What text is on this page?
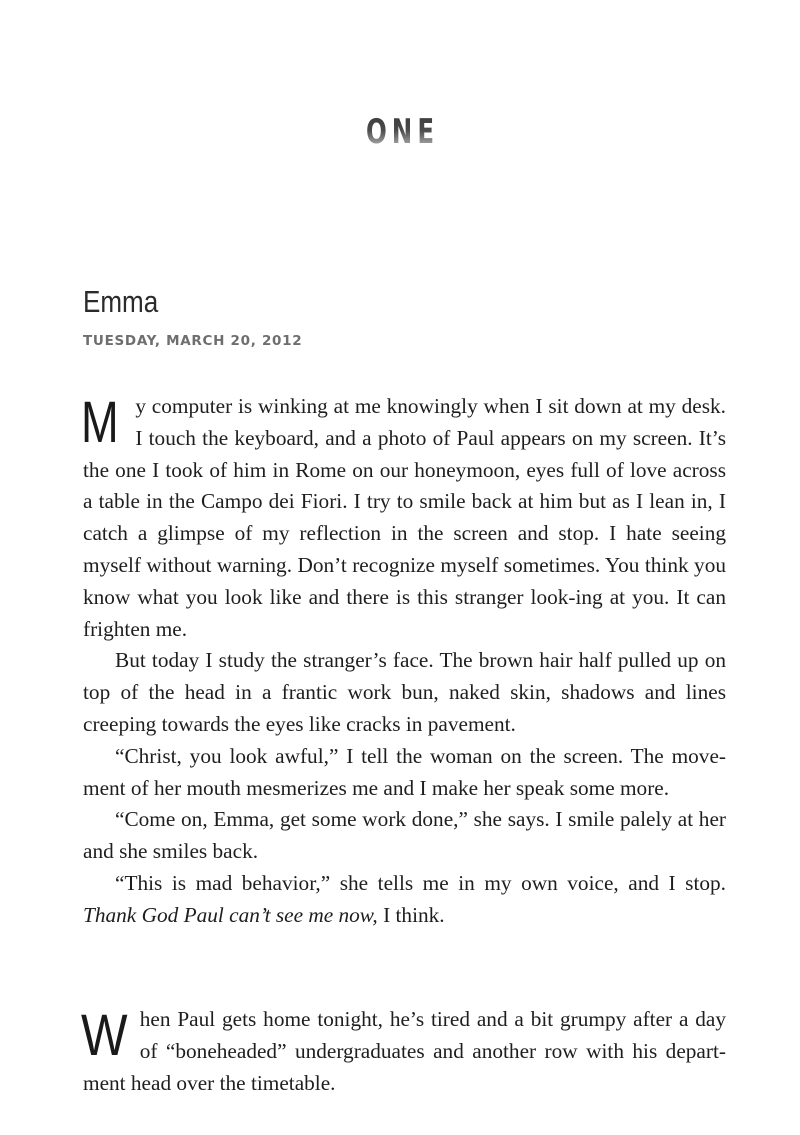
ONE
Emma
TUESDAY, MARCH 20, 2012

My computer is winking at me knowingly when I sit down at my desk. I touch the keyboard, and a photo of Paul appears on my screen. It’s the one I took of him in Rome on our honeymoon, eyes full of love across a table in the Campo dei Fiori. I try to smile back at him but as I lean in, I catch a glimpse of my reflection in the screen and stop. I hate seeing myself without warning. Don’t recognize myself sometimes. You think you know what you look like and there is this stranger look-ing at you. It can frighten me.

But today I study the stranger’s face. The brown hair half pulled up on top of the head in a frantic work bun, naked skin, shadows and lines creeping towards the eyes like cracks in pavement.

“Christ, you look awful,” I tell the woman on the screen. The move-ment of her mouth mesmerizes me and I make her speak some more.

“Come on, Emma, get some work done,” she says. I smile palely at her and she smiles back.

“This is mad behavior,” she tells me in my own voice, and I stop. Thank God Paul can’t see me now, I think.

When Paul gets home tonight, he’s tired and a bit grumpy after a day of “boneheaded” undergraduates and another row with his depart-ment head over the timetable.
